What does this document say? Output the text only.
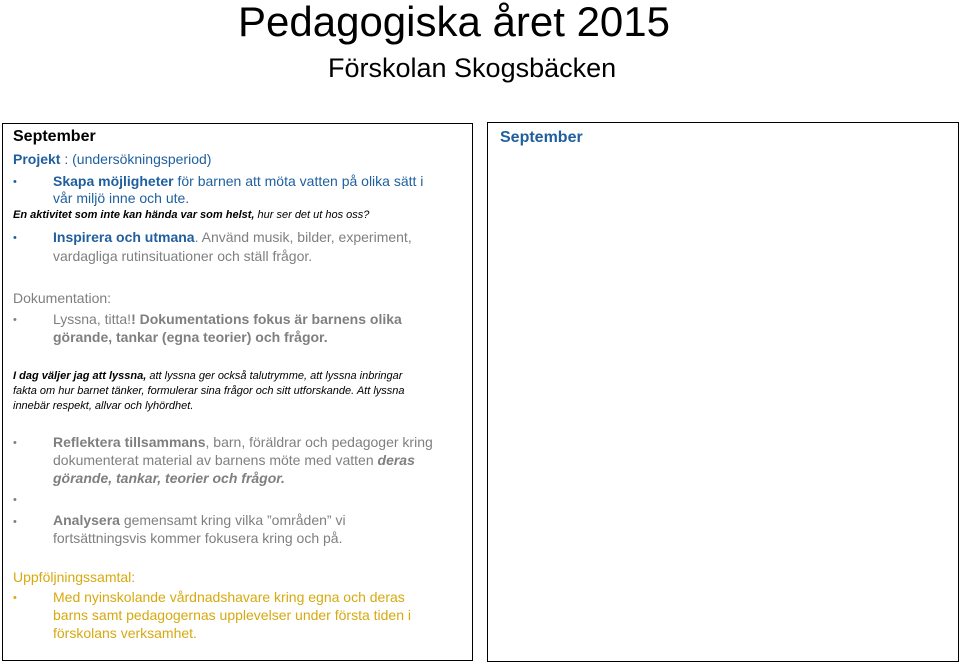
Pedagogiska året 2015
Förskolan Skogsbäcken
September
Projekt : (undersökningsperiod)
•	Skapa möjligheter för barnen att möta vatten på olika sätt i
vår miljö inne och ute.
En aktivitet som inte kan hända var som helst, hur ser det ut hos oss?
•	Inspirera och utmana. Använd musik, bilder, experiment,
vardagliga rutinsituationer och ställ frågor.
Dokumentation:
•	Lyssna, titta!! Dokumentations fokus är barnens olika
görande, tankar (egna teorier) och frågor.
I dag väljer jag att lyssna, att lyssna ger också talutrymme, att lyssna inbringar
fakta om hur barnet tänker, formulerar sina frågor och sitt utforskande. Att lyssna
innebär respekt, allvar och lyhördhet.
•	Reflektera tillsammans, barn, föräldrar och pedagoger kring
dokumenterat material av barnens möte med vatten deras
görande, tankar, teorier och frågor.
•
•	Analysera gemensamt kring vilka ”områden” vi
fortsättningsvis kommer fokusera kring och på.
Uppföljningssamtal:
•	Med nyinskolande vårdnadshavare kring egna och deras
barns samt pedagogernas upplevelser under första tiden i
förskolans verksamhet.
September
